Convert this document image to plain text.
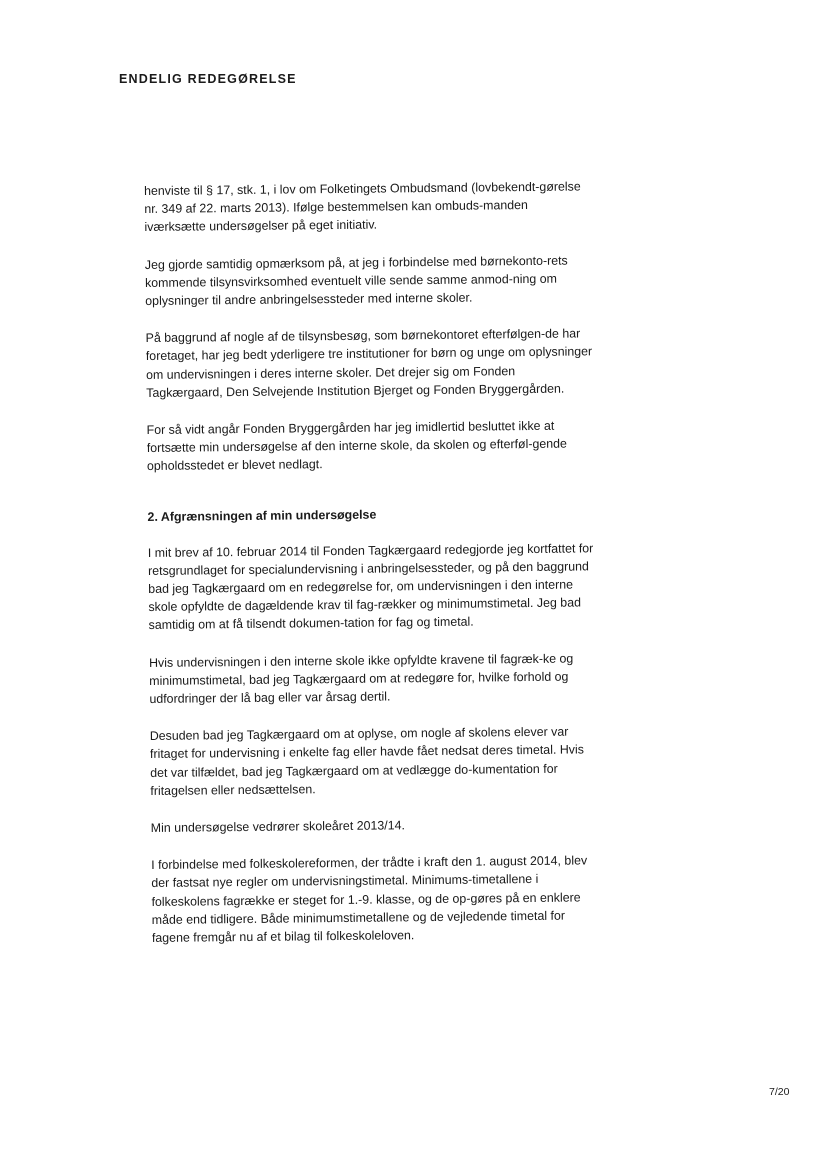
ENDELIG REDEGØRELSE

henviste til § 17, stk. 1, i lov om Folketingets Ombudsmand (lovbekendt-gørelse nr. 349 af 22. marts 2013). Ifølge bestemmelsen kan ombuds-manden iværksætte undersøgelser på eget initiativ.

Jeg gjorde samtidig opmærksom på, at jeg i forbindelse med børnekonto-rets kommende tilsynsvirksomhed eventuelt ville sende samme anmod-ning om oplysninger til andre anbringelsessteder med interne skoler.

På baggrund af nogle af de tilsynsbesøg, som børnekontoret efterfølgen-de har foretaget, har jeg bedt yderligere tre institutioner for børn og unge om oplysninger om undervisningen i deres interne skoler. Det drejer sig om Fonden Tagkærgaard, Den Selvejende Institution Bjerget og Fonden Bryggergården.

For så vidt angår Fonden Bryggergården har jeg imidlertid besluttet ikke at fortsætte min undersøgelse af den interne skole, da skolen og efterføl-gende opholdsstedet er blevet nedlagt.

2. Afgrænsningen af min undersøgelse

I mit brev af 10. februar 2014 til Fonden Tagkærgaard redegjorde jeg kortfattet for retsgrundlaget for specialundervisning i anbringelsessteder, og på den baggrund bad jeg Tagkærgaard om en redegørelse for, om undervisningen i den interne skole opfyldte de dagældende krav til fag-rækker og minimumstimetal. Jeg bad samtidig om at få tilsendt dokumen-tation for fag og timetal.

Hvis undervisningen i den interne skole ikke opfyldte kravene til fagræk-ke og minimumstimetal, bad jeg Tagkærgaard om at redegøre for, hvilke forhold og udfordringer der lå bag eller var årsag dertil.

Desuden bad jeg Tagkærgaard om at oplyse, om nogle af skolens elever var fritaget for undervisning i enkelte fag eller havde fået nedsat deres timetal. Hvis det var tilfældet, bad jeg Tagkærgaard om at vedlægge do-kumentation for fritagelsen eller nedsættelsen.

Min undersøgelse vedrører skoleåret 2013/14.

I forbindelse med folkeskolereformen, der trådte i kraft den 1. august 2014, blev der fastsat nye regler om undervisningstimetal. Minimums-timetallene i folkeskolens fagrække er steget for 1.-9. klasse, og de op-gøres på en enklere måde end tidligere. Både minimumstimetallene og de vejledende timetal for fagene fremgår nu af et bilag til folkeskoleloven.

7/20
